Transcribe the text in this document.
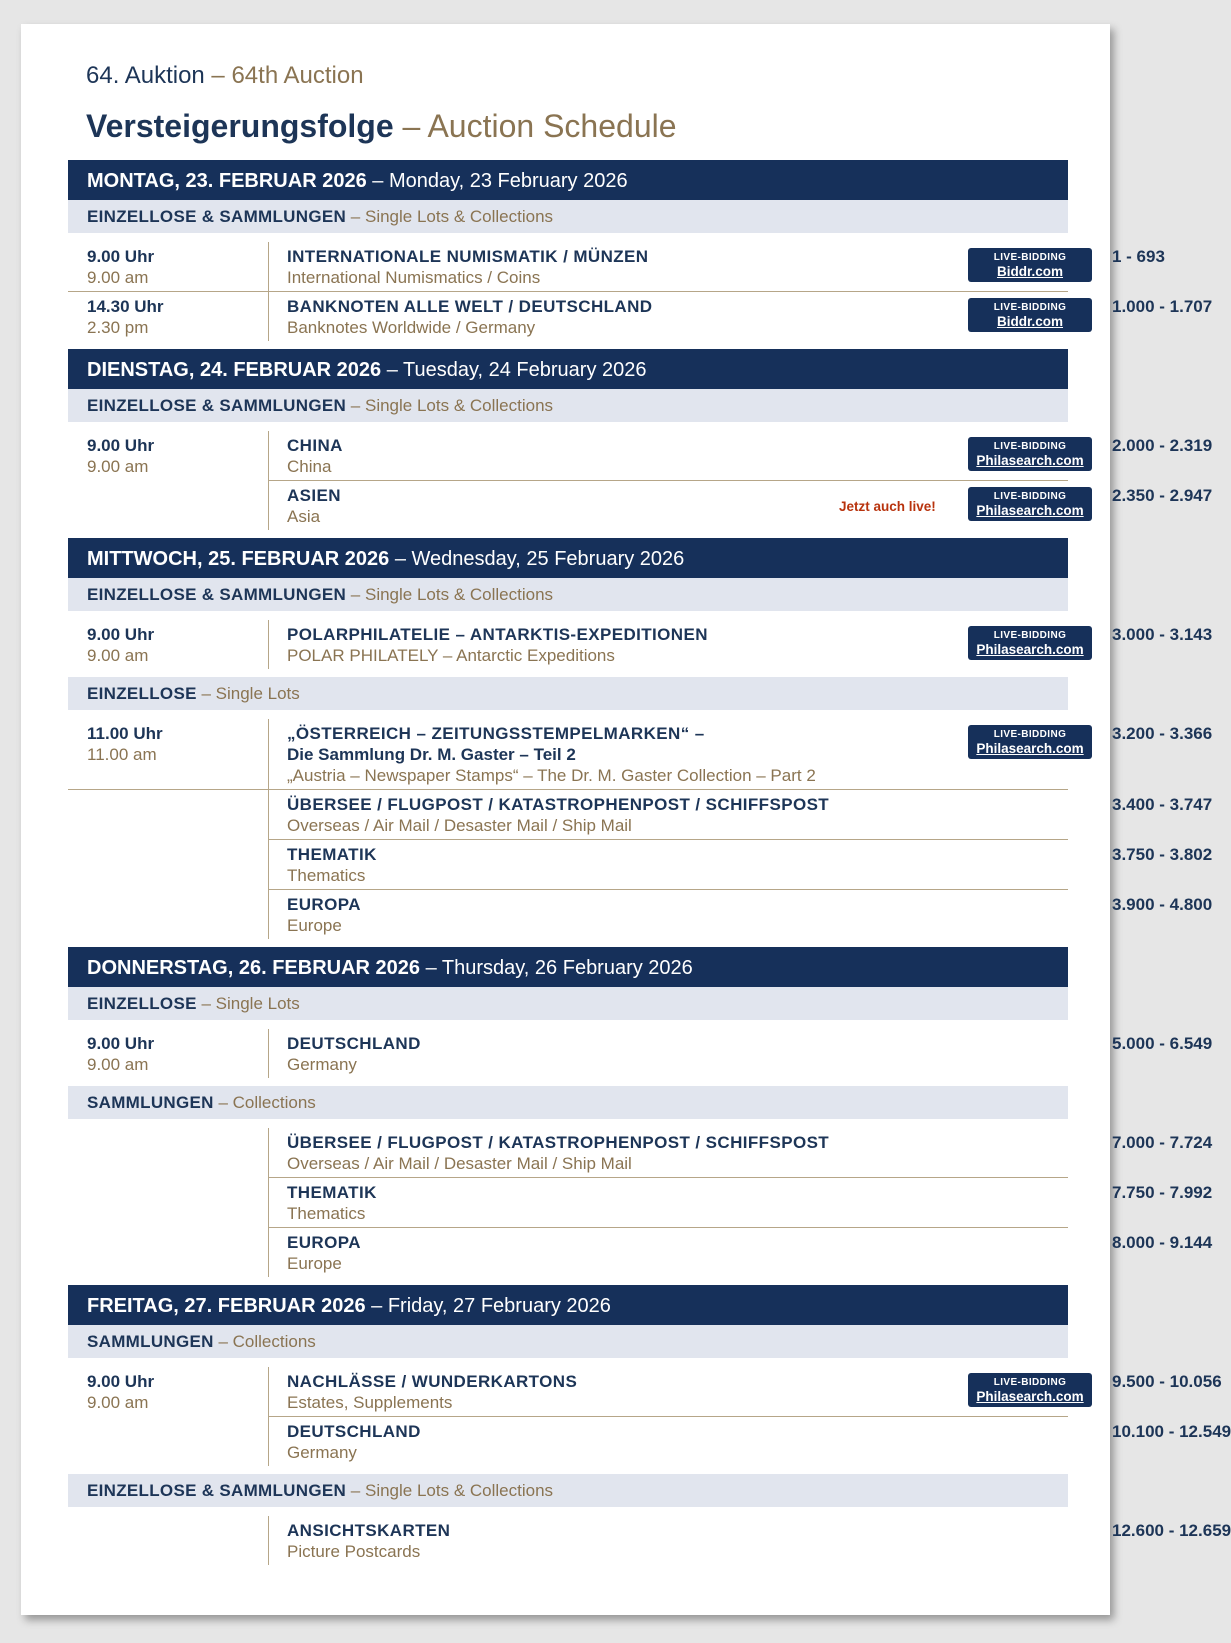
64. Auktion – 64th Auction
Versteigerungsfolge – Auction Schedule
MONTAG, 23. FEBRUAR 2026 – Monday, 23 February 2026
EINZELLOSE & SAMMLUNGEN – Single Lots & Collections
9.00 Uhr
9.00 am
INTERNATIONALE NUMISMATIK / MÜNZEN
International Numismatics / Coins
LIVE-BIDDING
Biddr.com
1 - 693
14.30 Uhr
2.30 pm
BANKNOTEN ALLE WELT / DEUTSCHLAND
Banknotes Worldwide / Germany
LIVE-BIDDING
Biddr.com
1.000 - 1.707
DIENSTAG, 24. FEBRUAR 2026 – Tuesday, 24 February 2026
EINZELLOSE & SAMMLUNGEN – Single Lots & Collections
9.00 Uhr
9.00 am
CHINA
China
LIVE-BIDDING
Philasearch.com
2.000 - 2.319
ASIEN
Asia
Jetzt auch live!
LIVE-BIDDING
Philasearch.com
2.350 - 2.947
MITTWOCH, 25. FEBRUAR 2026 – Wednesday, 25 February 2026
EINZELLOSE & SAMMLUNGEN – Single Lots & Collections
9.00 Uhr
9.00 am
POLARPHILATELIE – ANTARKTIS-EXPEDITIONEN
POLAR PHILATELY – Antarctic Expeditions
LIVE-BIDDING
Philasearch.com
3.000 - 3.143
EINZELLOSE – Single Lots
11.00 Uhr
11.00 am
„ÖSTERREICH – ZEITUNGSSTEMPELMARKEN“ –
Die Sammlung Dr. M. Gaster – Teil 2
„Austria – Newspaper Stamps“ – The Dr. M. Gaster Collection – Part 2
LIVE-BIDDING
Philasearch.com
3.200 - 3.366
ÜBERSEE / FLUGPOST / KATASTROPHENPOST / SCHIFFSPOST
Overseas / Air Mail / Desaster Mail / Ship Mail
3.400 - 3.747
THEMATIK
Thematics
3.750 - 3.802
EUROPA
Europe
3.900 - 4.800
DONNERSTAG, 26. FEBRUAR 2026 – Thursday, 26 February 2026
EINZELLOSE – Single Lots
9.00 Uhr
9.00 am
DEUTSCHLAND
Germany
5.000 - 6.549
SAMMLUNGEN – Collections
ÜBERSEE / FLUGPOST / KATASTROPHENPOST / SCHIFFSPOST
Overseas / Air Mail / Desaster Mail / Ship Mail
7.000 - 7.724
THEMATIK
Thematics
7.750 - 7.992
EUROPA
Europe
8.000 - 9.144
FREITAG, 27. FEBRUAR 2026 – Friday, 27 February 2026
SAMMLUNGEN – Collections
9.00 Uhr
9.00 am
NACHLÄSSE / WUNDERKARTONS
Estates, Supplements
LIVE-BIDDING
Philasearch.com
9.500 - 10.056
DEUTSCHLAND
Germany
10.100 - 12.549
EINZELLOSE & SAMMLUNGEN – Single Lots & Collections
ANSICHTSKARTEN
Picture Postcards
12.600 - 12.659
